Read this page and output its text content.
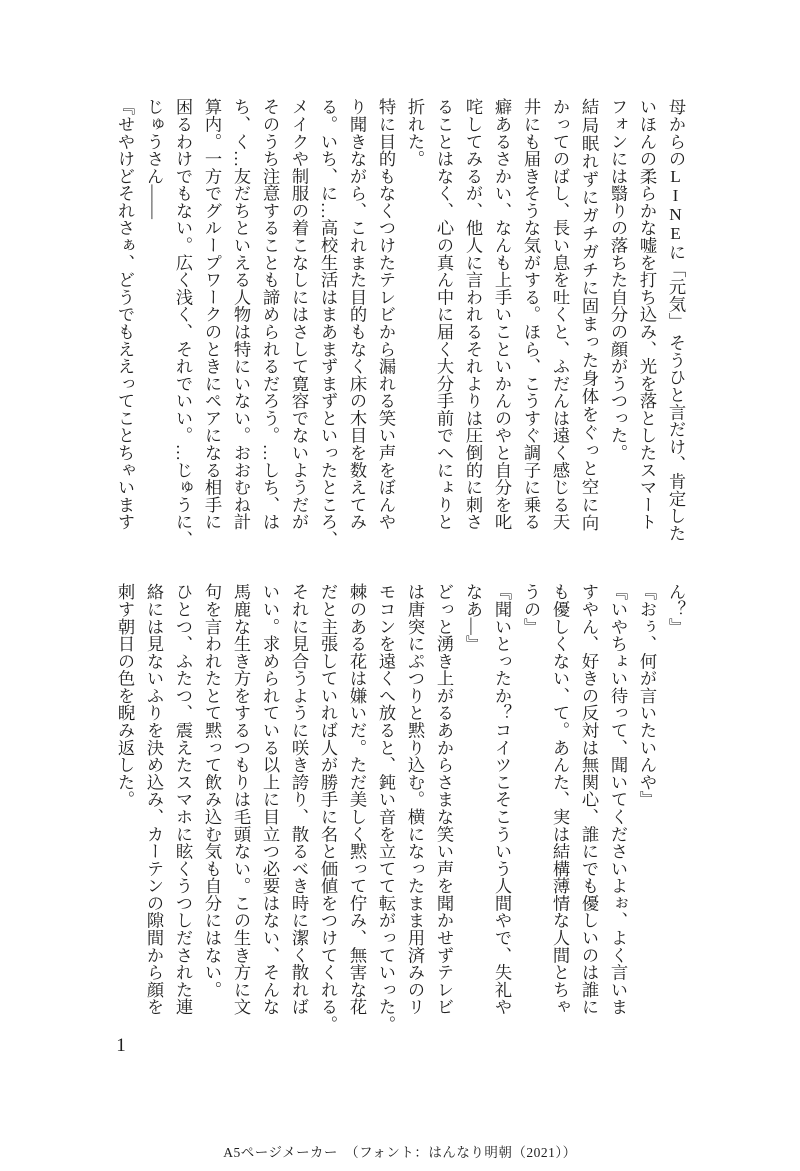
母からのLINEに「元気」 そうひと言だけ、肯定した

いほんの柔らかな嘘を打ち込み、光を落としたスマート

フォンには翳りの落ちた自分の顔がうつった。

結局眠れずにガチガチに固まった身体をぐっと空に向

かってのばし、長い息を吐くと、ふだんは遠く感じる天

井にも届きそうな気がする。ほら、こうすぐ調子に乗る

癖あるさかい、なんも上手いこといかんのやと自分を叱

咤してみるが、他人に言われるそれよりは圧倒的に刺さ

ることはなく、心の真ん中に届く大分手前でへにょりと

折れた。

特に目的もなくつけたテレビから漏れる笑い声をぼんや

り聞きながら、これまた目的もなく床の木目を数えてみ

る。いち、に…高校生活はまあまずまずといったところ、

メイクや制服の着こなしにはさして寛容でないようだが

そのうち注意することも諦められるだろう。…しち、は

ち、く…友だちといえる人物は特にいない。おおむね計

算内。一方でグループワークのときにペアになる相手に

困るわけでもない。広く浅く、それでいい。…じゅうに、

じゅうさん――

『せやけどそれさぁ、どうでもええってことちゃいます

ん？』

『おぅ、何が言いたいんや』

『いやちょい待って、聞いてくださいよぉ、よく言いま

すやん、好きの反対は無関心、誰にでも優しいのは誰に

も優しくない、て。あんた、実は結構薄情な人間とちゃ

うの』

『聞いとったか？コイツこそこういう人間やで、失礼や

なあ―』

どっと湧き上がるあからさまな笑い声を聞かせずテレビ

は唐突にぷつりと黙り込む。横になったまま用済みのリ

モコンを遠くへ放ると、鈍い音を立てて転がっていった。

棘のある花は嫌いだ。ただ美しく黙って佇み、無害な花

だと主張していれば人が勝手に名と価値をつけてくれる。

それに見合うように咲き誇り、散るべき時に潔く散れば

いい。求められている以上に目立つ必要はない、そんな

馬鹿な生き方をするつもりは毛頭ない。この生き方に文

句を言われたとて黙って飲み込む気も自分にはない。

ひとつ、ふたつ、震えたスマホに眩くうつしだされた連

絡には見ないふりを決め込み、カーテンの隙間から顔を

刺す朝日の色を睨み返した。

1
A5ページメーカー　（フォント：はんなり明朝（2021））
